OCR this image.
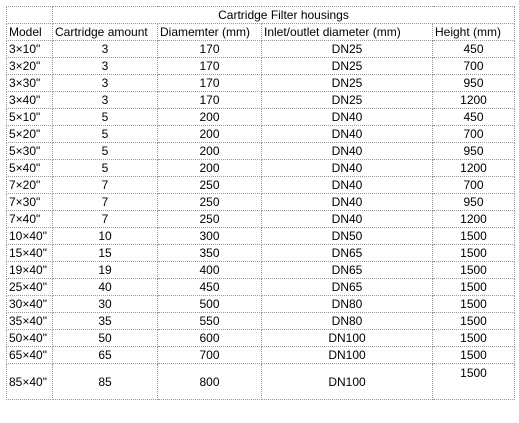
	Cartridge Filter housings			
Model	Cartridge amount	Diamemter (mm)	Inlet/outlet diameter (mm)	Height (mm)
3×10"	3	170	DN25	450
3×20"	3	170	DN25	700
3×30"	3	170	DN25	950
3×40"	3	170	DN25	1200
5×10"	5	200	DN40	450
5×20"	5	200	DN40	700
5×30"	5	200	DN40	950
5×40"	5	200	DN40	1200
7×20"	7	250	DN40	700
7×30"	7	250	DN40	950
7×40"	7	250	DN40	1200
10×40"	10	300	DN50	1500
15×40"	15	350	DN65	1500
19×40"	19	400	DN65	1500
25×40"	40	450	DN65	1500
30×40"	30	500	DN80	1500
35×40"	35	550	DN80	1500
50×40"	50	600	DN100	1500
65×40"	65	700	DN100	1500
85×40"	85	800	DN100	1500
